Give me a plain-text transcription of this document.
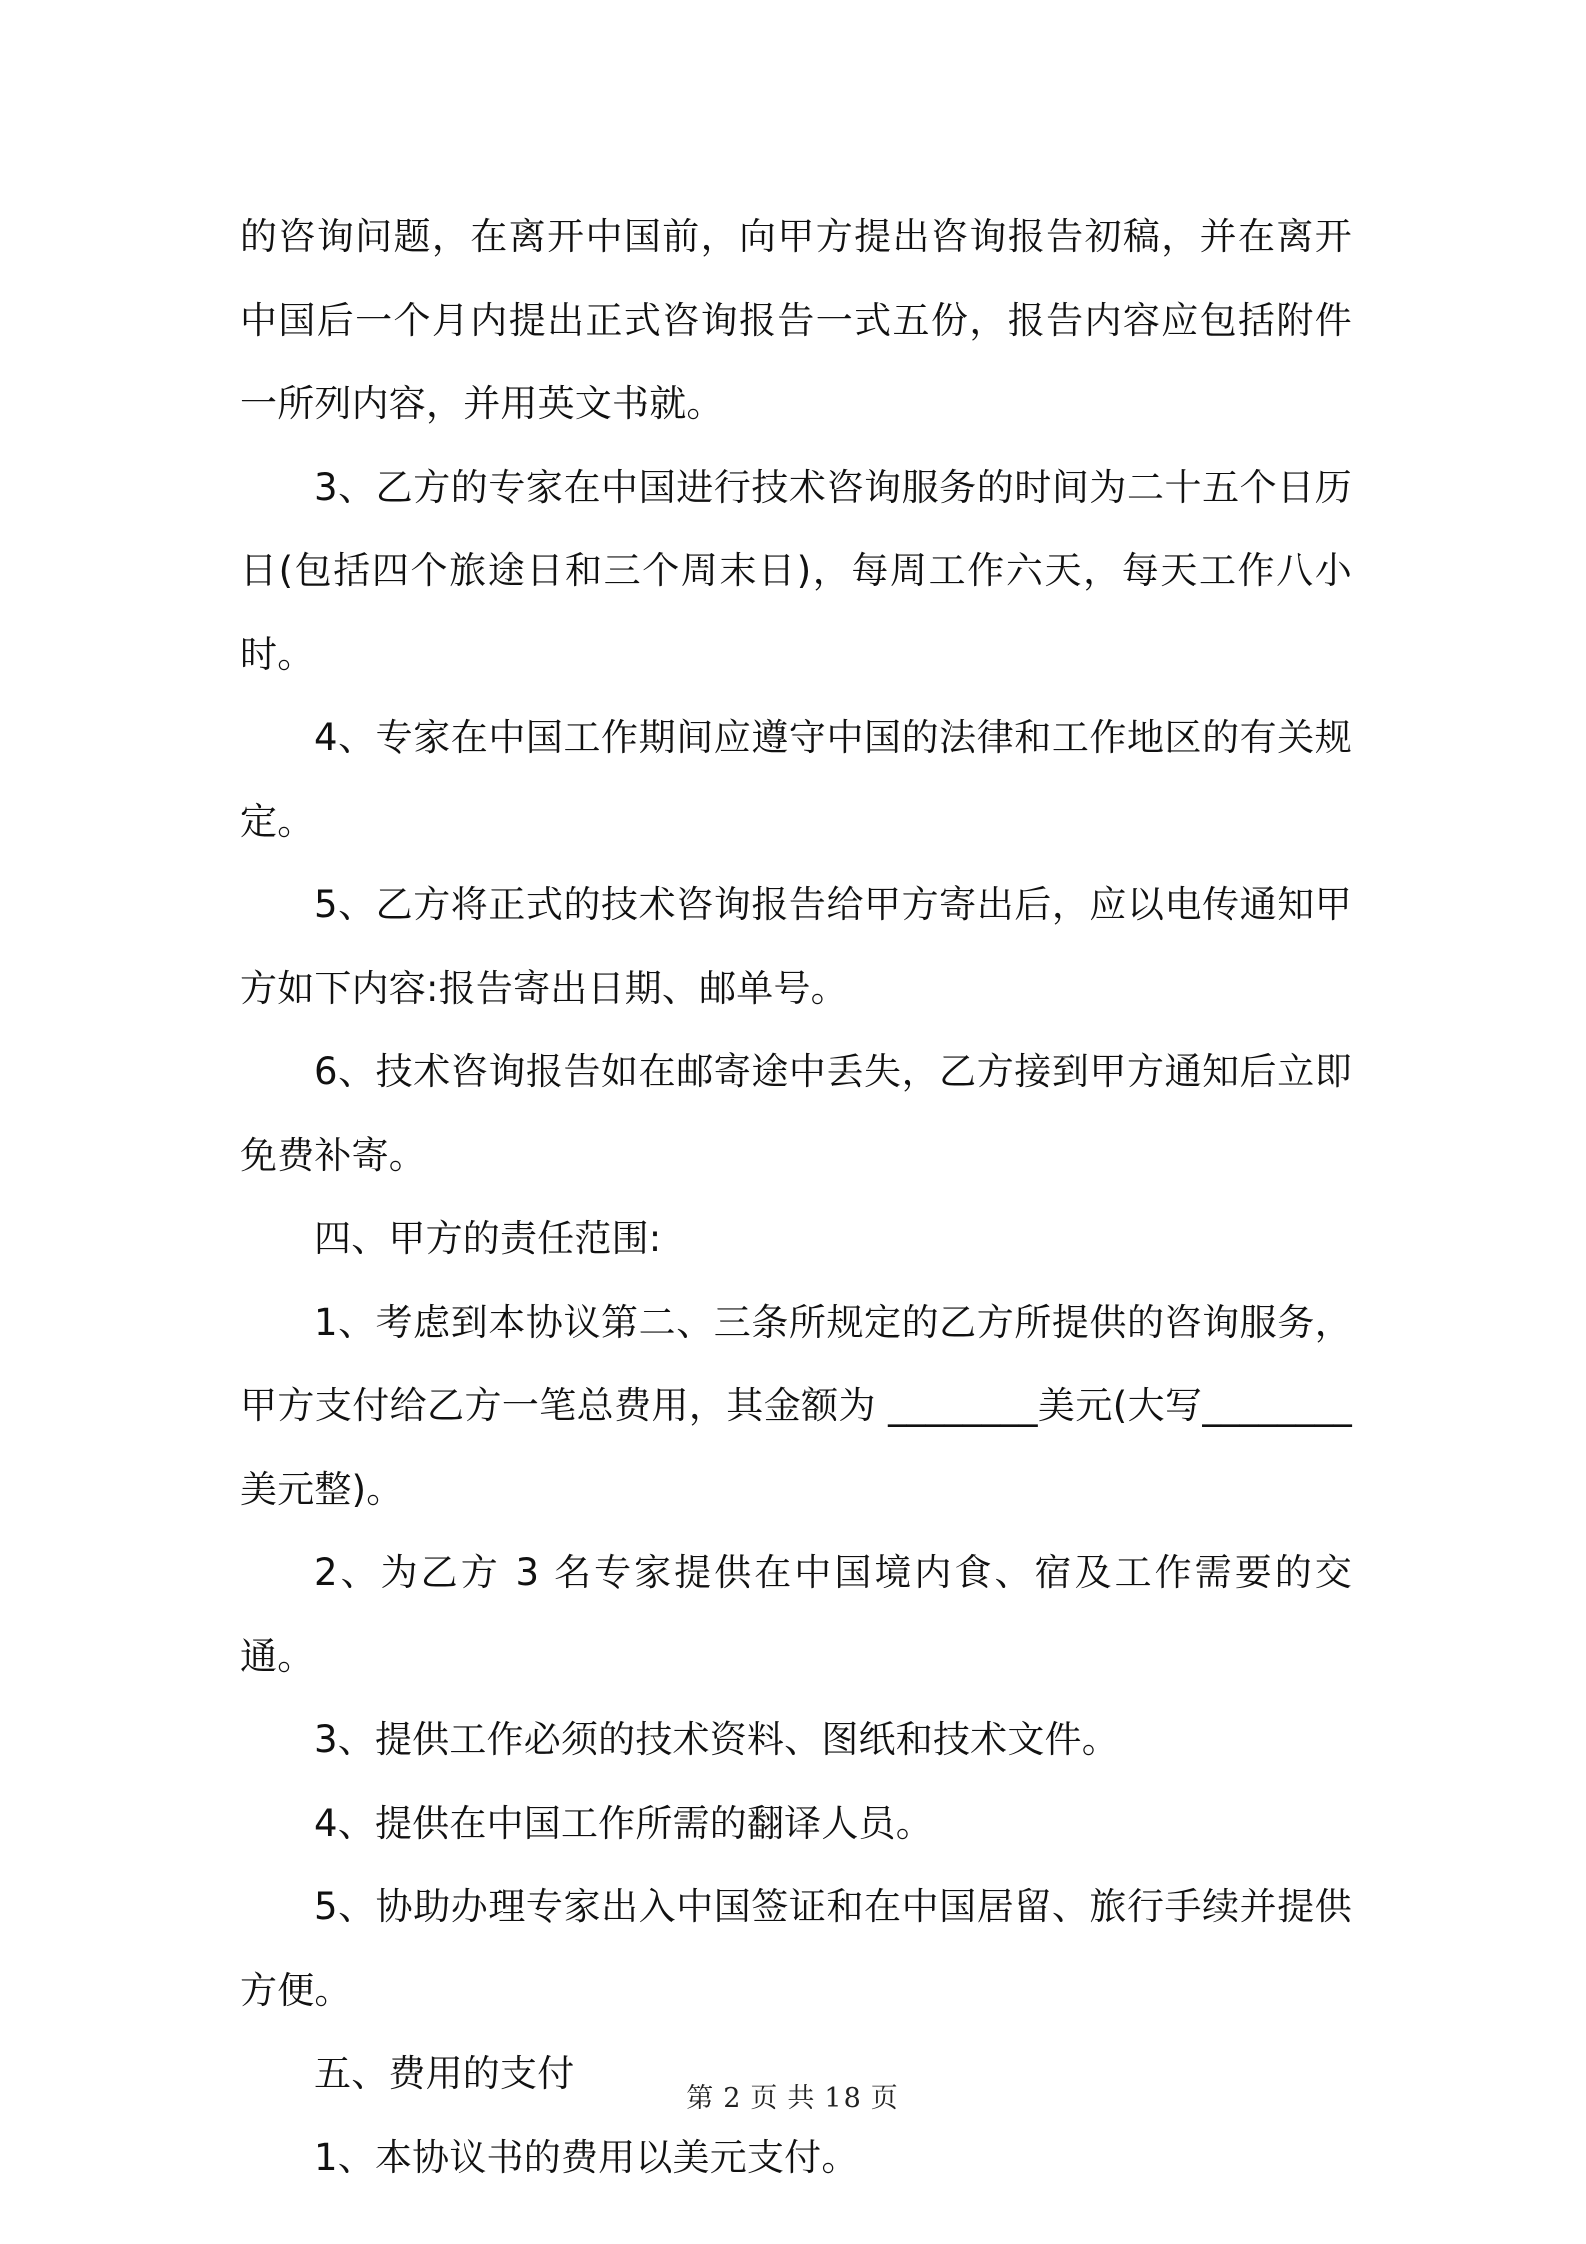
的咨询问题，在离开中国前，向甲方提出咨询报告初稿，并在离开中国后一个月内提出正式咨询报告一式五份，报告内容应包括附件一所列内容，并用英文书就。

3、乙方的专家在中国进行技术咨询服务的时间为二十五个日历日(包括四个旅途日和三个周末日)，每周工作六天，每天工作八小时。

4、专家在中国工作期间应遵守中国的法律和工作地区的有关规定。

5、乙方将正式的技术咨询报告给甲方寄出后，应以电传通知甲方如下内容:报告寄出日期、邮单号。

6、技术咨询报告如在邮寄途中丢失，乙方接到甲方通知后立即免费补寄。

四、甲方的责任范围:

1、考虑到本协议第二、三条所规定的乙方所提供的咨询服务，甲方支付给乙方一笔总费用，其金额为 ________美元(大写________美元整)。

2、为乙方 3 名专家提供在中国境内食、宿及工作需要的交通。

3、提供工作必须的技术资料、图纸和技术文件。

4、提供在中国工作所需的翻译人员。

5、协助办理专家出入中国签证和在中国居留、旅行手续并提供方便。

五、费用的支付

1、本协议书的费用以美元支付。

第 2 页 共 18 页
